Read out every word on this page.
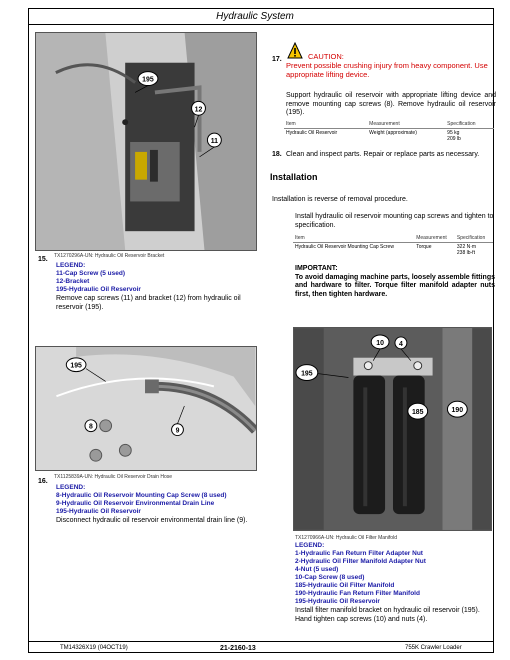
Hydraulic System
195
12
11
TX1270296A-UN: Hydraulic Oil Reservoir Bracket
15.
LEGEND:
11-Cap Screw (5 used)
12-Bracket
195-Hydraulic Oil Reservoir
Remove cap screws (11) and bracket (12) from hydraulic oil reservoir (195).
195
8
9
TX1125839A-UN: Hydraulic Oil Reservoir Drain Hose
16.
LEGEND:
8-Hydraulic Oil Reservoir Mounting Cap Screw (8 used)
9-Hydraulic Oil Reservoir Environmental Drain Line
195-Hydraulic Oil Reservoir
Disconnect hydraulic oil reservoir environmental drain line (9).
17.	CAUTION:
Prevent possible crushing injury from heavy component. Use appropriate lifting device.
Support hydraulic oil reservoir with appropriate lifting device and remove mounting cap screws (8). Remove hydraulic oil reservoir (195).
Item	Measurement	Specification
Hydraulic Oil Reservoir	Weight (approximate)	95 kg
209 lb
18. Clean and inspect parts. Repair or replace parts as necessary.
Installation
Installation is reverse of removal procedure.
Install hydraulic oil reservoir mounting cap screws and tighten to specification.
Item	Measurement	Specification
Hydraulic Oil Reservoir Mounting Cap Screw	Torque	322 N·m
238 lb-ft
IMPORTANT:
To avoid damaging machine parts, loosely assemble fittings and hardware to filter. Torque filter manifold adapter nuts first, then tighten hardware.
10 4
195
185	190
TX1270966A-UN: Hydraulic Oil Filter Manifold
LEGEND:
1-Hydraulic Fan Return Filter Adapter Nut
2-Hydraulic Oil Filter Manifold Adapter Nut
4-Nut (5 used)
10-Cap Screw (8 used)
185-Hydraulic Oil Filter Manifold
190-Hydraulic Fan Return Filter Manifold
195-Hydraulic Oil Reservoir
Install filter manifold bracket on hydraulic oil reservoir (195). Hand tighten cap screws (10) and nuts (4).
TM14326X19 (04OCT19)	21-2160-13	755K Crawler Loader
